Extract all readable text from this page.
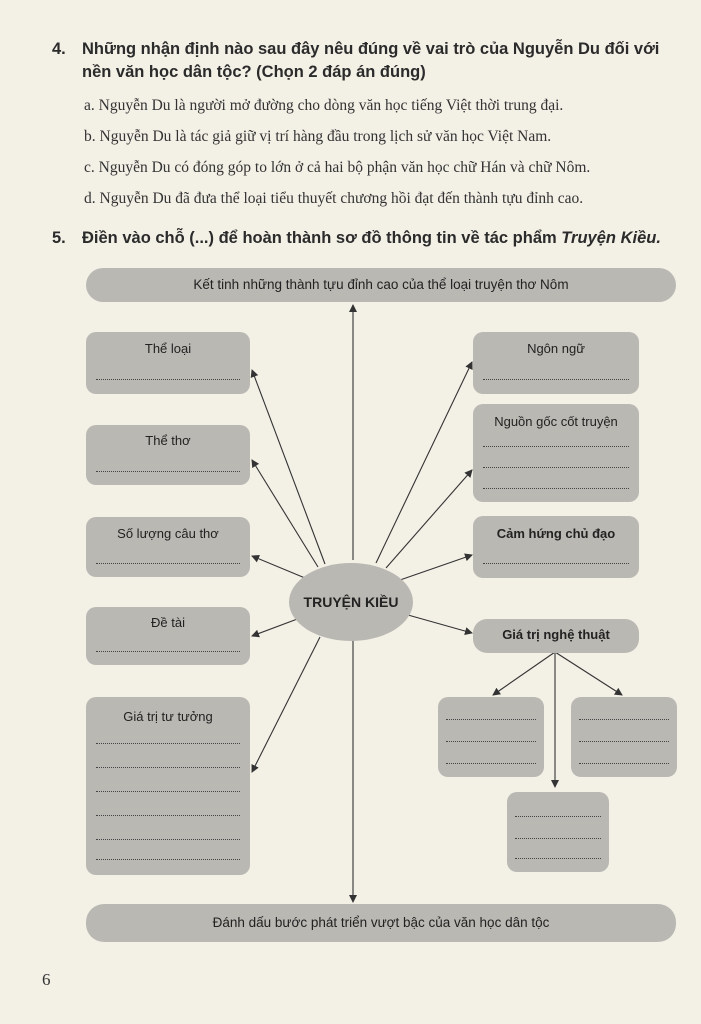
4. Những nhận định nào sau đây nêu đúng về vai trò của Nguyễn Du đối với
nền văn học dân tộc? (Chọn 2 đáp án đúng)
a. Nguyễn Du là người mở đường cho dòng văn học tiếng Việt thời trung đại.
b. Nguyễn Du là tác giả giữ vị trí hàng đầu trong lịch sử văn học Việt Nam.
c. Nguyễn Du có đóng góp to lớn ở cả hai bộ phận văn học chữ Hán và chữ Nôm.
d. Nguyễn Du đã đưa thể loại tiểu thuyết chương hồi đạt đến thành tựu đỉnh cao.
5. Điền vào chỗ (...) để hoàn thành sơ đồ thông tin về tác phẩm Truyện Kiều.
Kết tinh những thành tựu đỉnh cao của thể loại truyện thơ Nôm
Đánh dấu bước phát triển vượt bậc của văn học dân tộc
TRUYỆN KIỀU
Thể loại
Thể thơ
Số lượng câu thơ
Đề tài
Giá trị tư tưởng
Ngôn ngữ
Nguồn gốc cốt truyện
Cảm hứng chủ đạo
Giá trị nghệ thuật
6
